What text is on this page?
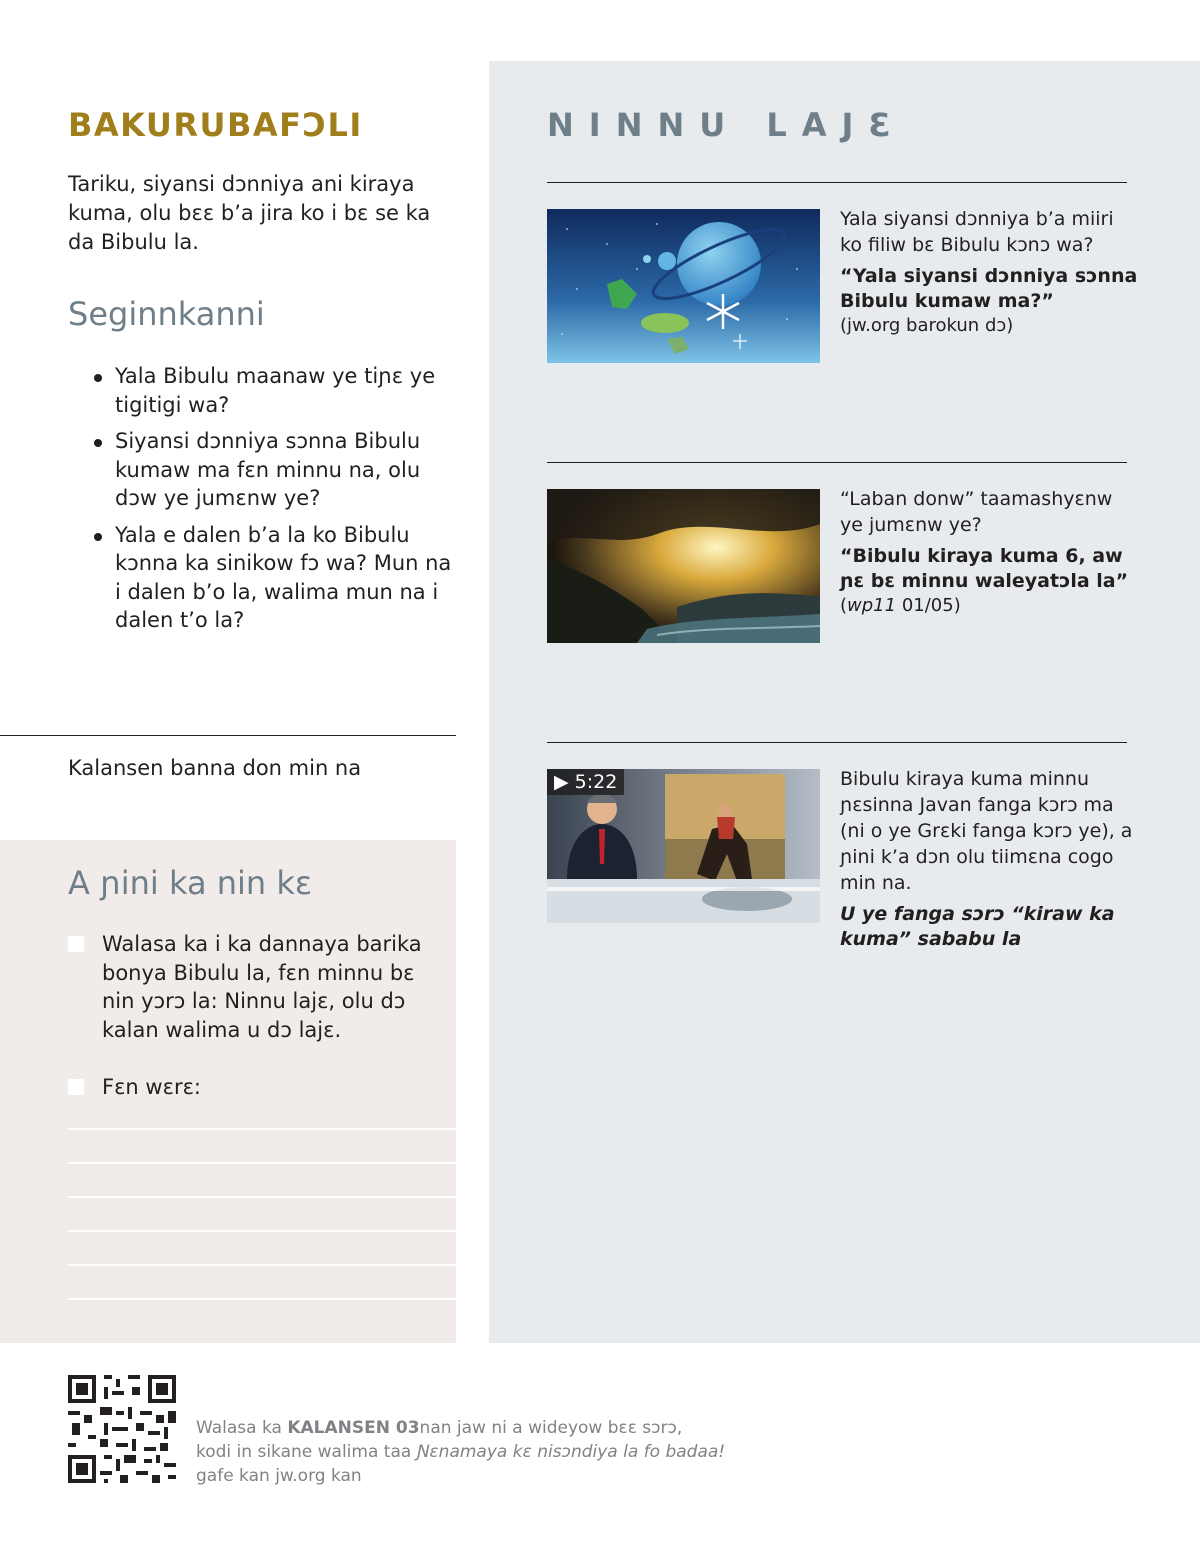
BAKURUBAFƆLI

Tariku, siyansi dɔnniya ani kiraya kuma, olu bɛɛ b’a jira ko i bɛ se ka da Bibulu la.

Seginnkanni
Yala Bibulu maanaw ye tiɲɛ ye tigitigi wa?
Siyansi dɔnniya sɔnna Bibulu kumaw ma fɛn minnu na, olu dɔw ye jumɛnw ye?
Yala e dalen b’a la ko Bibulu kɔnna ka sinikow fɔ wa? Mun na i dalen b’o la, walima mun na i dalen t’o la?
Kalansen banna don min na
A ɲini ka nin kɛ
Walasa ka i ka dannaya barika bonya Bibulu la, fɛn minnu bɛ nin yɔrɔ la: Ninnu lajɛ, olu dɔ kalan walima u dɔ lajɛ.
Fɛn wɛrɛ:
NINNU LAJƐ

Yala siyansi dɔnniya b’a miiri ko filiw bɛ Bibulu kɔnɔ wa?

“Yala siyansi dɔnniya sɔnna Bibulu kumaw ma?”

(jw.org barokun dɔ)

“Laban donw” taamashyɛnw ye jumɛnw ye?

“Bibulu kiraya kuma 6, aw ɲɛ bɛ minnu waleyatɔla la”

(wp11 01/05)

▶ 5:22	Bibulu kiraya kuma minnu ɲɛsinna Javan fanga kɔrɔ ma (ni o ye Grɛki fanga kɔrɔ ye), a ɲini k’a dɔn olu tiimɛna cogo min na.

U ye fanga sɔrɔ “kiraw ka kuma” sababu la

Walasa ka KALANSEN 03nan jaw ni a wideyow bɛɛ sɔrɔ,
kodi in sikane walima taa Ɲɛnamaya kɛ nisɔndiya la fo badaa!
gafe kan jw.org kan
